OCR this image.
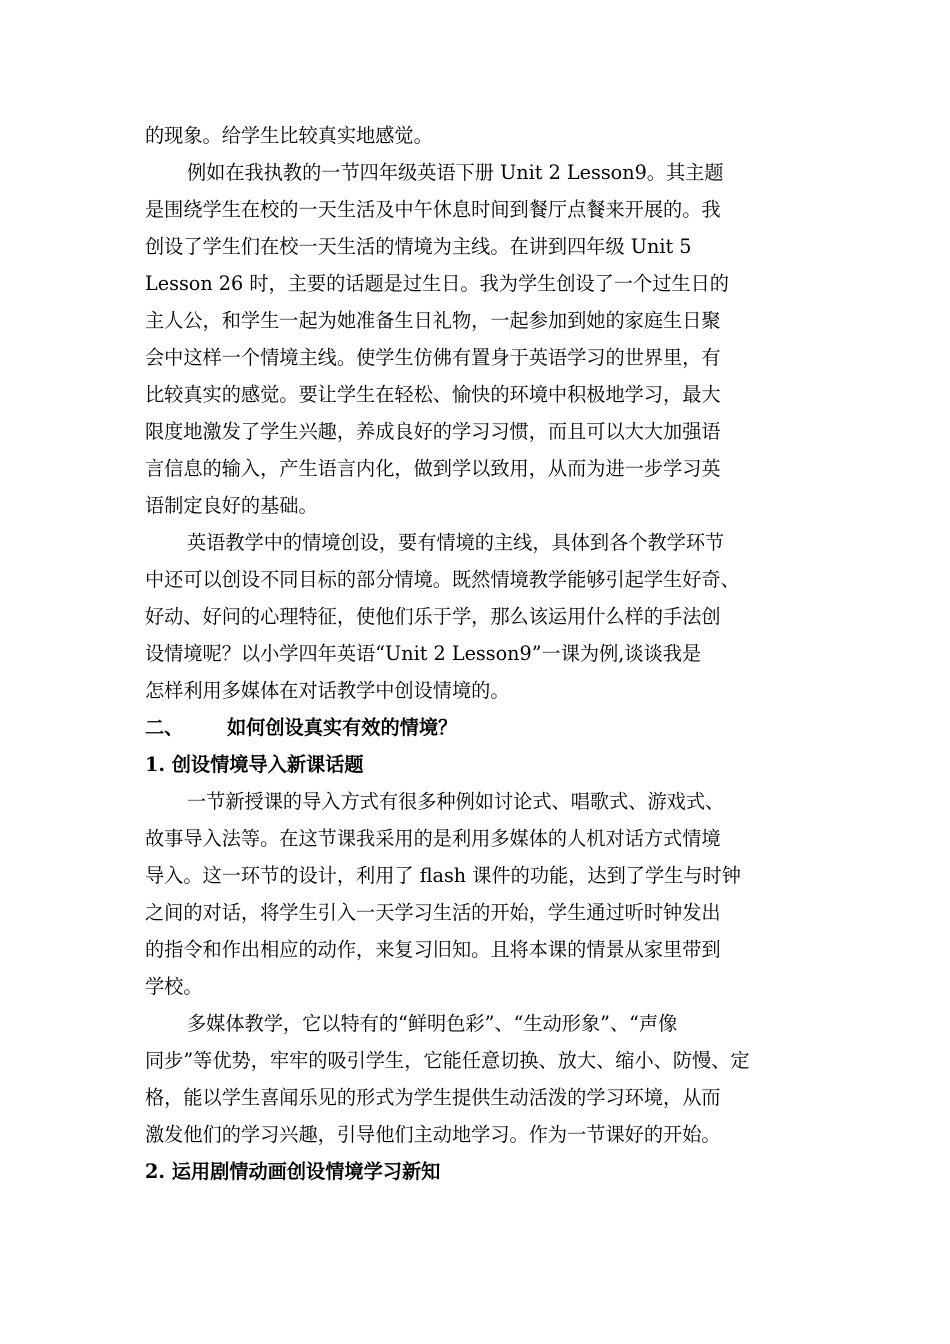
的现象。给学生比较真实地感觉。
例如在我执教的一节四年级英语下册 Unit 2 Lesson9。其主题
是围绕学生在校的一天生活及中午休息时间到餐厅点餐来开展的。我
创设了学生们在校一天生活的情境为主线。在讲到四年级 Unit 5
Lesson 26 时，主要的话题是过生日。我为学生创设了一个过生日的
主人公，和学生一起为她准备生日礼物，一起参加到她的家庭生日聚
会中这样一个情境主线。使学生仿佛有置身于英语学习的世界里，有
比较真实的感觉。要让学生在轻松、愉快的环境中积极地学习，最大
限度地激发了学生兴趣，养成良好的学习习惯，而且可以大大加强语
言信息的输入，产生语言内化，做到学以致用，从而为进一步学习英
语制定良好的基础。
英语教学中的情境创设，要有情境的主线，具体到各个教学环节
中还可以创设不同目标的部分情境。既然情境教学能够引起学生好奇、
好动、好问的心理特征，使他们乐于学，那么该运用什么样的手法创
设情境呢？以小学四年英语“Unit 2 Lesson9”一课为例,谈谈我是
怎样利用多媒体在对话教学中创设情境的。
二、 如何创设真实有效的情境？
1. 创设情境导入新课话题
一节新授课的导入方式有很多种例如讨论式、唱歌式、游戏式、
故事导入法等。在这节课我采用的是利用多媒体的人机对话方式情境
导入。这一环节的设计，利用了 flash 课件的功能，达到了学生与时钟
之间的对话，将学生引入一天学习生活的开始，学生通过听时钟发出
的指令和作出相应的动作，来复习旧知。且将本课的情景从家里带到
学校。
多媒体教学，它以特有的“鲜明色彩”、“生动形象”、“声像
同步”等优势，牢牢的吸引学生，它能任意切换、放大、缩小、防慢、定
格，能以学生喜闻乐见的形式为学生提供生动活泼的学习环境，从而
激发他们的学习兴趣，引导他们主动地学习。作为一节课好的开始。
2. 运用剧情动画创设情境学习新知
